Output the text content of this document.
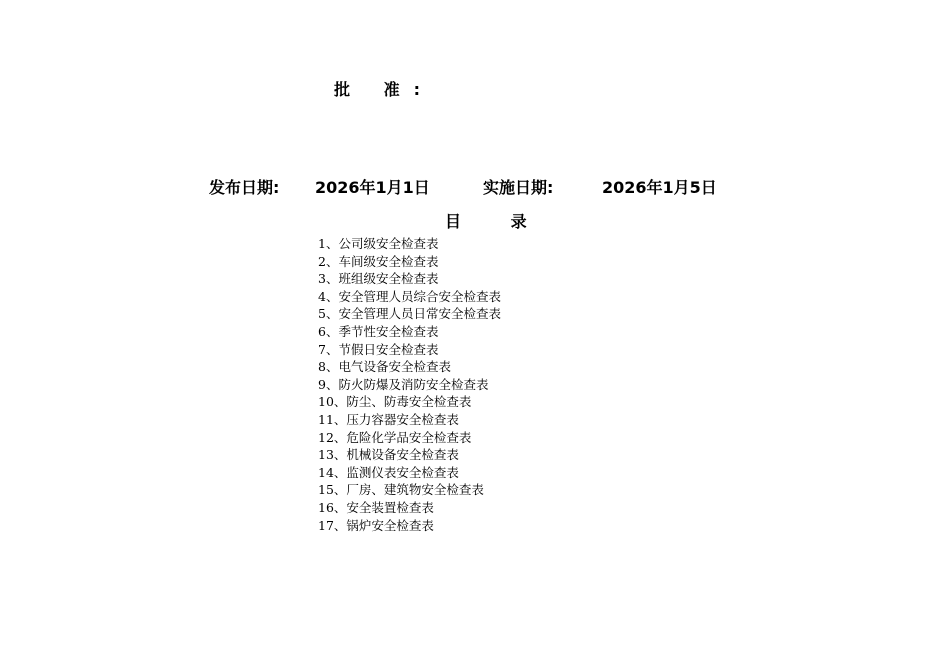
批 准:
发布日期: 2026年1月1日	实施日期:	2026年1月5日
目 录
1、公司级安全检查表
2、车间级安全检查表
3、班组级安全检查表
4、安全管理人员综合安全检查表
5、安全管理人员日常安全检查表
6、季节性安全检查表
7、节假日安全检查表
8、电气设备安全检查表
9、防火防爆及消防安全检查表
10、防尘、防毒安全检查表
11、压力容器安全检查表
12、危险化学品安全检查表
13、机械设备安全检查表
14、监测仪表安全检查表
15、厂房、建筑物安全检查表
16、安全装置检查表
17、锅炉安全检查表
